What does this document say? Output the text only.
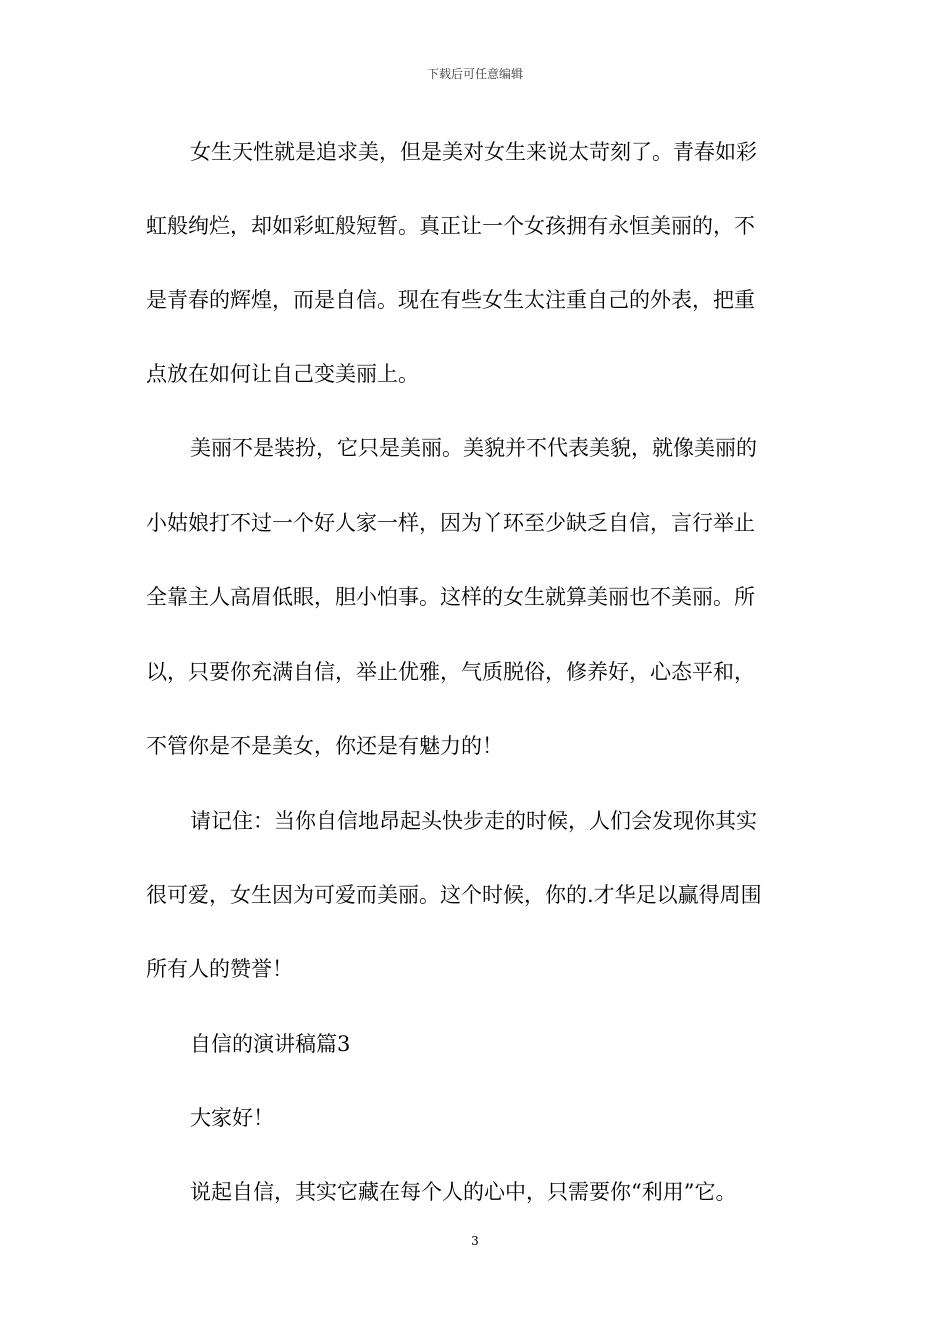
下载后可任意编辑
女生天性就是追求美，但是美对女生来说太苛刻了。青春如彩
虹般绚烂，却如彩虹般短暂。真正让一个女孩拥有永恒美丽的，不
是青春的辉煌，而是自信。现在有些女生太注重自己的外表，把重
点放在如何让自己变美丽上。
美丽不是装扮，它只是美丽。美貌并不代表美貌，就像美丽的
小姑娘打不过一个好人家一样，因为丫环至少缺乏自信，言行举止
全靠主人高眉低眼，胆小怕事。这样的女生就算美丽也不美丽。所
以，只要你充满自信，举止优雅，气质脱俗，修养好，心态平和，
不管你是不是美女，你还是有魅力的！
请记住：当你自信地昂起头快步走的时候，人们会发现你其实
很可爱，女生因为可爱而美丽。这个时候，你的.才华足以赢得周围
所有人的赞誉！
自信的演讲稿篇3
大家好！
说起自信，其实它藏在每个人的心中，只需要你“利用”它。
3
